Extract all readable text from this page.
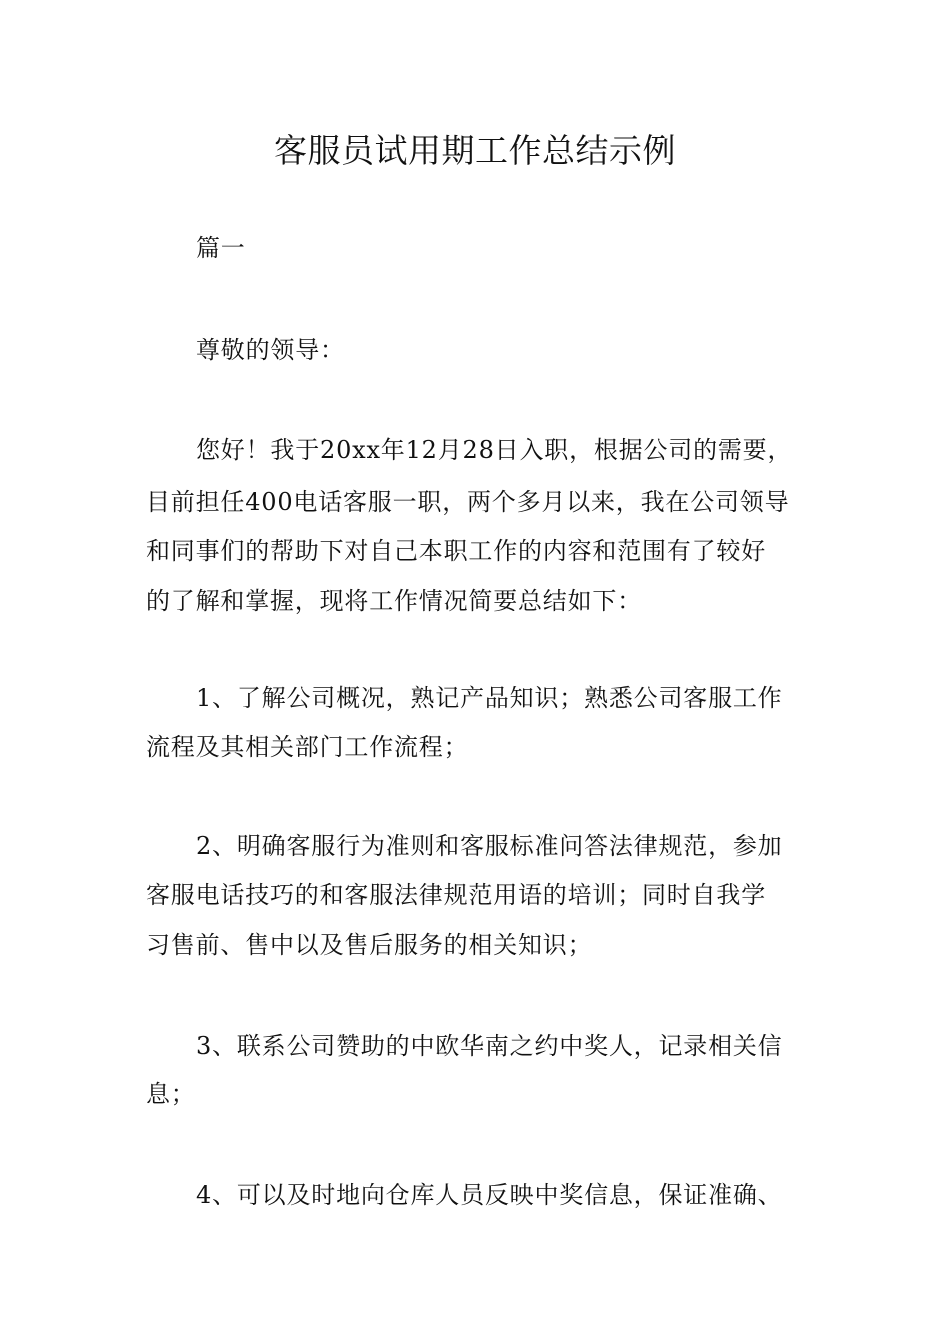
客服员试用期工作总结示例
篇一
尊敬的领导：
您好！我于20xx年12月28日入职，根据公司的需要，
目前担任400电话客服一职，两个多月以来，我在公司领导
和同事们的帮助下对自己本职工作的内容和范围有了较好
的了解和掌握，现将工作情况简要总结如下：
1、了解公司概况，熟记产品知识；熟悉公司客服工作
流程及其相关部门工作流程；
2、明确客服行为准则和客服标准问答法律规范，参加
客服电话技巧的和客服法律规范用语的培训；同时自我学
习售前、售中以及售后服务的相关知识；
3、联系公司赞助的中欧华南之约中奖人，记录相关信
息；
4、可以及时地向仓库人员反映中奖信息，保证准确、
